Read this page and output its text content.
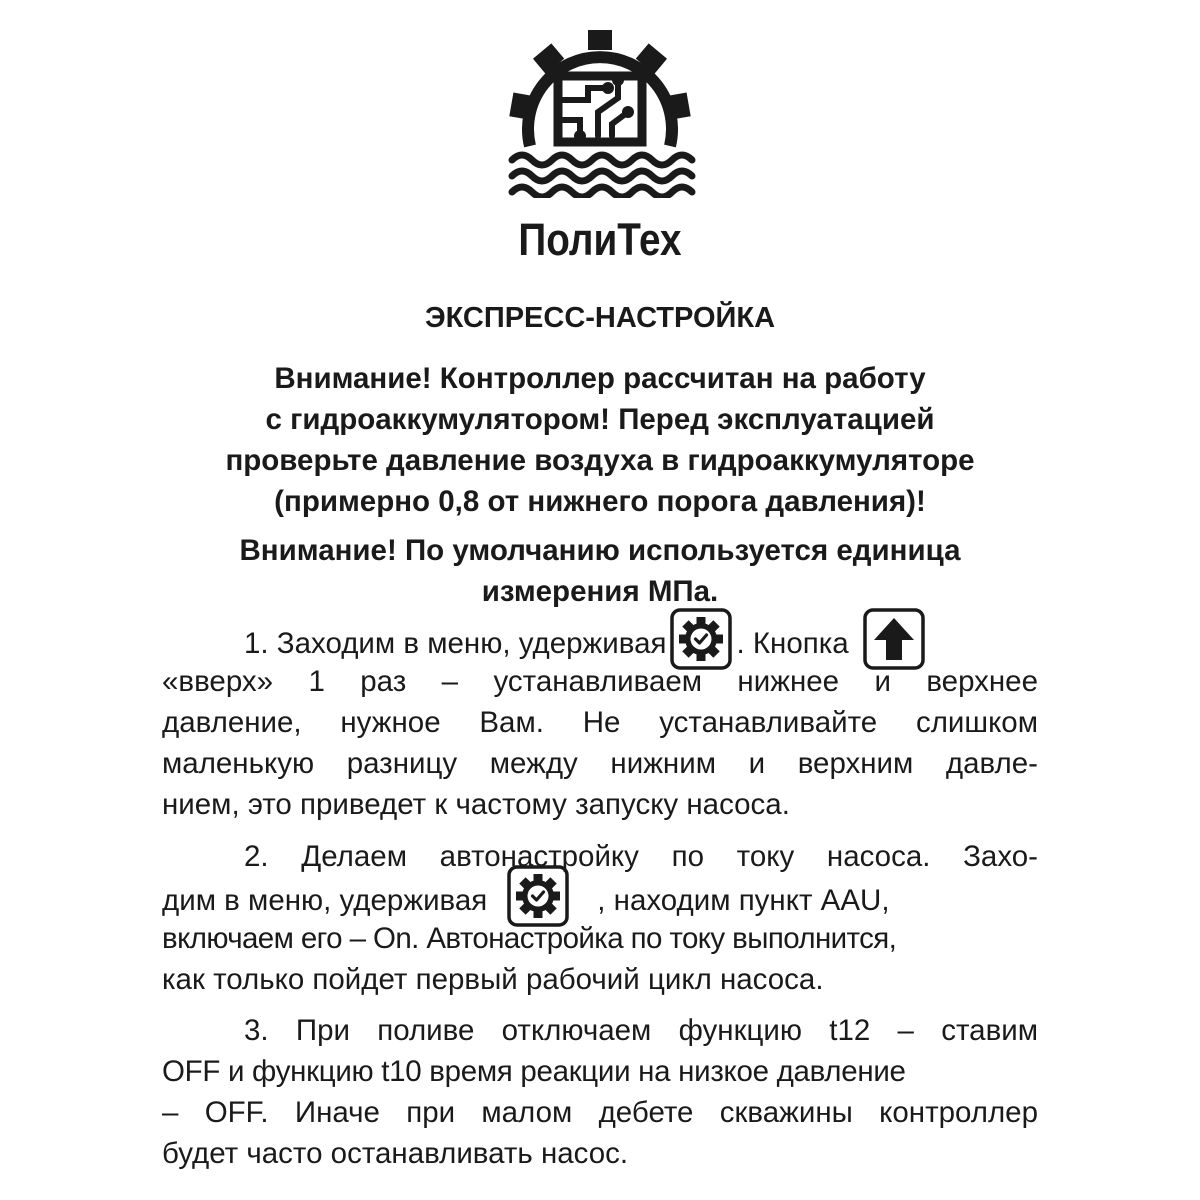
ПолиТех
ЭКСПРЕСС-НАСТРОЙКА
Внимание! Контроллер рассчитан на работу
с гидроаккумулятором! Перед эксплуатацией
проверьте давление воздуха в гидроаккумуляторе
(примерно 0,8 от нижнего порога давления)!
Внимание! По умолчанию используется единица
измерения МПа.
1. Заходим в меню, удерживая . Кнопка
«вверх» 1 раз – устанавливаем нижнее и верхнее
давление, нужное Вам. Не устанавливайте слишком
маленькую разницу между нижним и верхним давле-
нием, это приведет к частому запуску насоса.
2. Делаем автонастройку по току насоса. Захо-
дим в меню, удерживая	, находим пункт AAU,
включаем его – On. Автонастройка по току выполнится,
как только пойдет первый рабочий цикл насоса.
3. При поливе отключаем функцию t12 – ставим
OFF и функцию t10 время реакции на низкое давление
– OFF. Иначе при малом дебете скважины контроллер
будет часто останавливать насос.
